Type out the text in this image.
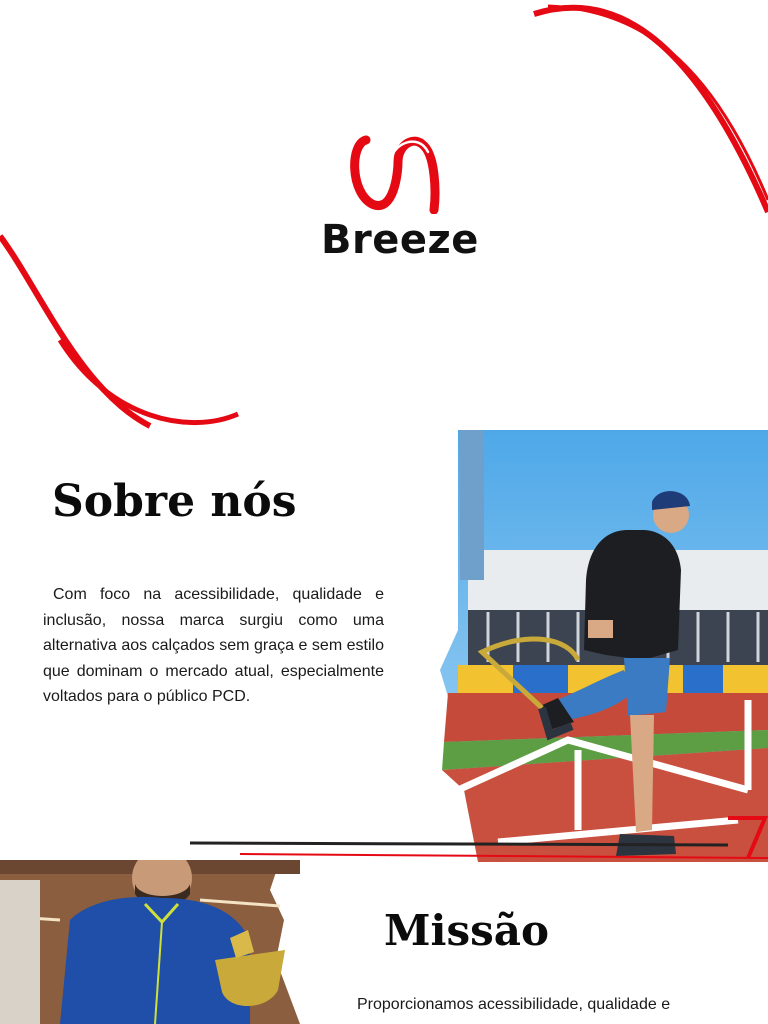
Breeze
Sobre nós

Com foco na acessibilidade, qualidade e inclusão, nossa marca surgiu como uma alternativa aos calçados sem graça e sem estilo que dominam o mercado atual, especialmente voltados para o público PCD.

Missão

Proporcionamos acessibilidade, qualidade e
